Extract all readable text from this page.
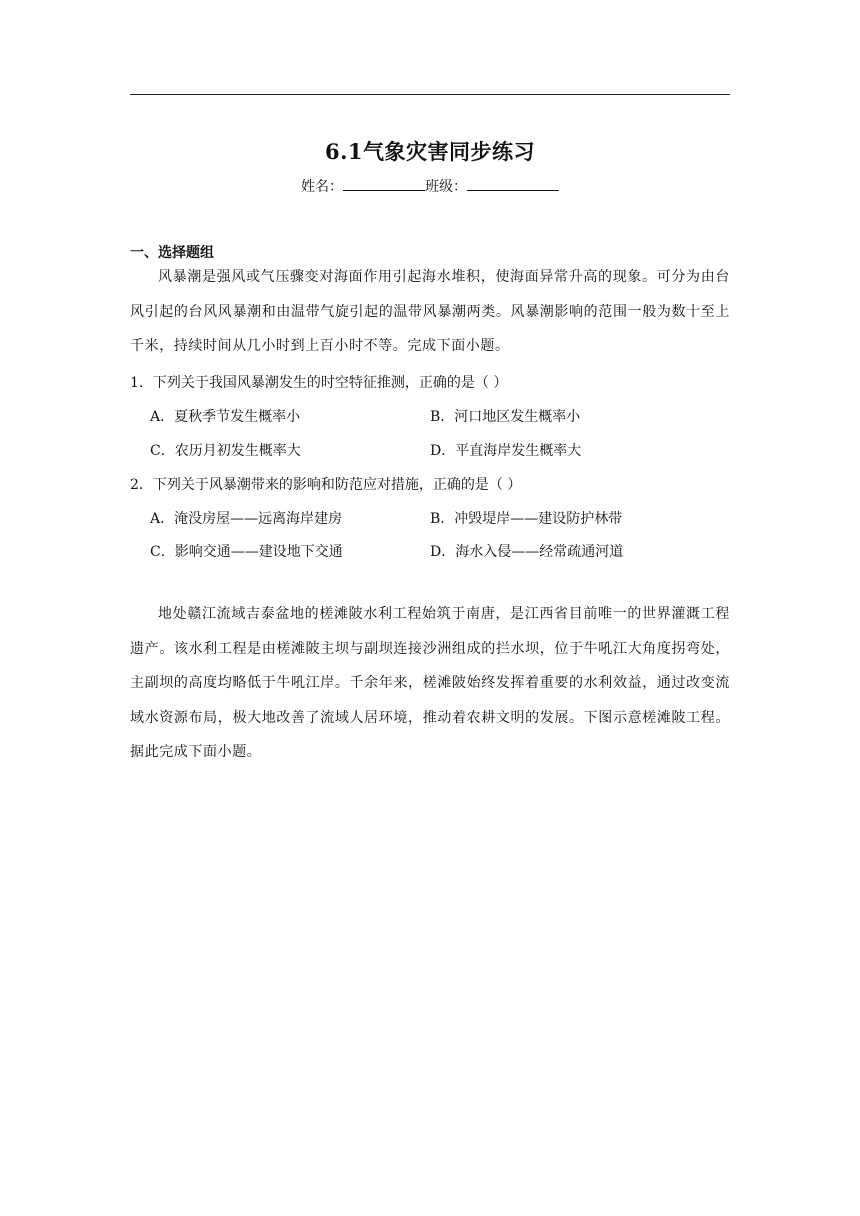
6.1气象灾害同步练习
姓名：	班级：
一、选择题组
风暴潮是强风或气压骤变对海面作用引起海水堆积，使海面异常升高的现象。可分为由台风引起的台风风暴潮和由温带气旋引起的温带风暴潮两类。风暴潮影响的范围一般为数十至上千米，持续时间从几小时到上百小时不等。完成下面小题。
1．下列关于我国风暴潮发生的时空特征推测，正确的是（ ）
A．夏秋季节发生概率小	B．河口地区发生概率小
C．农历月初发生概率大	D．平直海岸发生概率大
2．下列关于风暴潮带来的影响和防范应对措施，正确的是（ ）
A．淹没房屋——远离海岸建房	B．冲毁堤岸——建设防护林带
C．影响交通——建设地下交通	D．海水入侵——经常疏通河道
地处赣江流域吉泰盆地的槎滩陂水利工程始筑于南唐，是江西省目前唯一的世界灌溉工程遗产。该水利工程是由槎滩陂主坝与副坝连接沙洲组成的拦水坝，位于牛吼江大角度拐弯处，主副坝的高度均略低于牛吼江岸。千余年来，槎滩陂始终发挥着重要的水利效益，通过改变流域水资源布局，极大地改善了流域人居环境，推动着农耕文明的发展。下图示意槎滩陂工程。据此完成下面小题。
